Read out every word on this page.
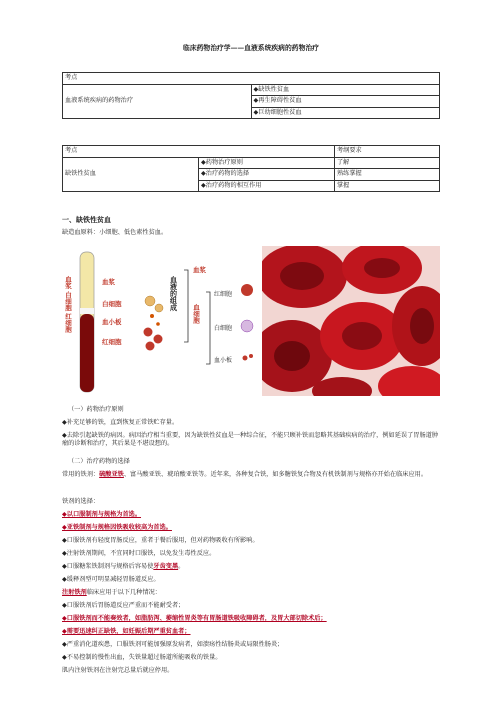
临床药物治疗学——血液系统疾病的药物治疗
考点
血液系统疾病的药物治疗	◆缺铁性贫血
◆再生障碍性贫血
◆巨幼细胞性贫血
考点		考纲要求
缺铁性贫血	◆药物治疗原则	了解
	◆治疗药物的选择	熟练掌握
	◆治疗药物的相互作用	掌握
一、缺铁性贫血
缺造血原料：小细胞、低色素性贫血。
血浆 白细胞 红细胞	血浆
白细胞
血小板
红细胞
血液的组成
血浆
血细胞
红细胞
白细胞
血小板
（一）药物治疗原则
◆补充足够的铁，直到恢复正常铁贮存量。
◆去除引起缺铁的病因。病因治疗相当重要，因为缺铁性贫血是一种综合征，不能只顾补铁而忽略其基础疾病的治疗，例如延误了胃肠道肿瘤的诊断和治疗，其后果是不堪设想的。
（二）治疗药物的选择
常用的铁剂：硫酸亚铁、富马酸亚铁、琥珀酸亚铁等。近年来，各种复合铁，如多糖铁复合物及有机铁制剂与规格亦开始在临床应用。
铁剂的选择：
◆以口服制剂与规格为首选。
◆亚铁制剂与规格因铁吸收较高为首选。
◆口服铁剂有轻度胃肠反应，重者于餐后服用，但对药物吸收有所影响。
◆注射铁剂期间，不宜同时口服铁，以免发生毒性反应。
◆口服糖浆铁制剂与规格后容易使牙齿变黑。
◆缓释剂型可明显减轻胃肠道反应。
注射铁剂临床应用于以下几种情况：
◆口服铁剂后胃肠道反应严重而不能耐受者；
◆口服铁剂而不能奏效者，如脂肪泻、萎缩性胃炎等有胃肠道铁吸收障碍者，及胃大部切除术后；
◆需要迅速纠正缺铁，如妊娠后期严重贫血者；
◆严重消化道疾患，口服铁剂可能加强原发病者，如溃疡性结肠炎或局限性肠炎；
◆不易控制的慢性出血，失铁量超过肠道所能吸收的铁量。
肌内注射铁剂在注射完总量后就应停用。
